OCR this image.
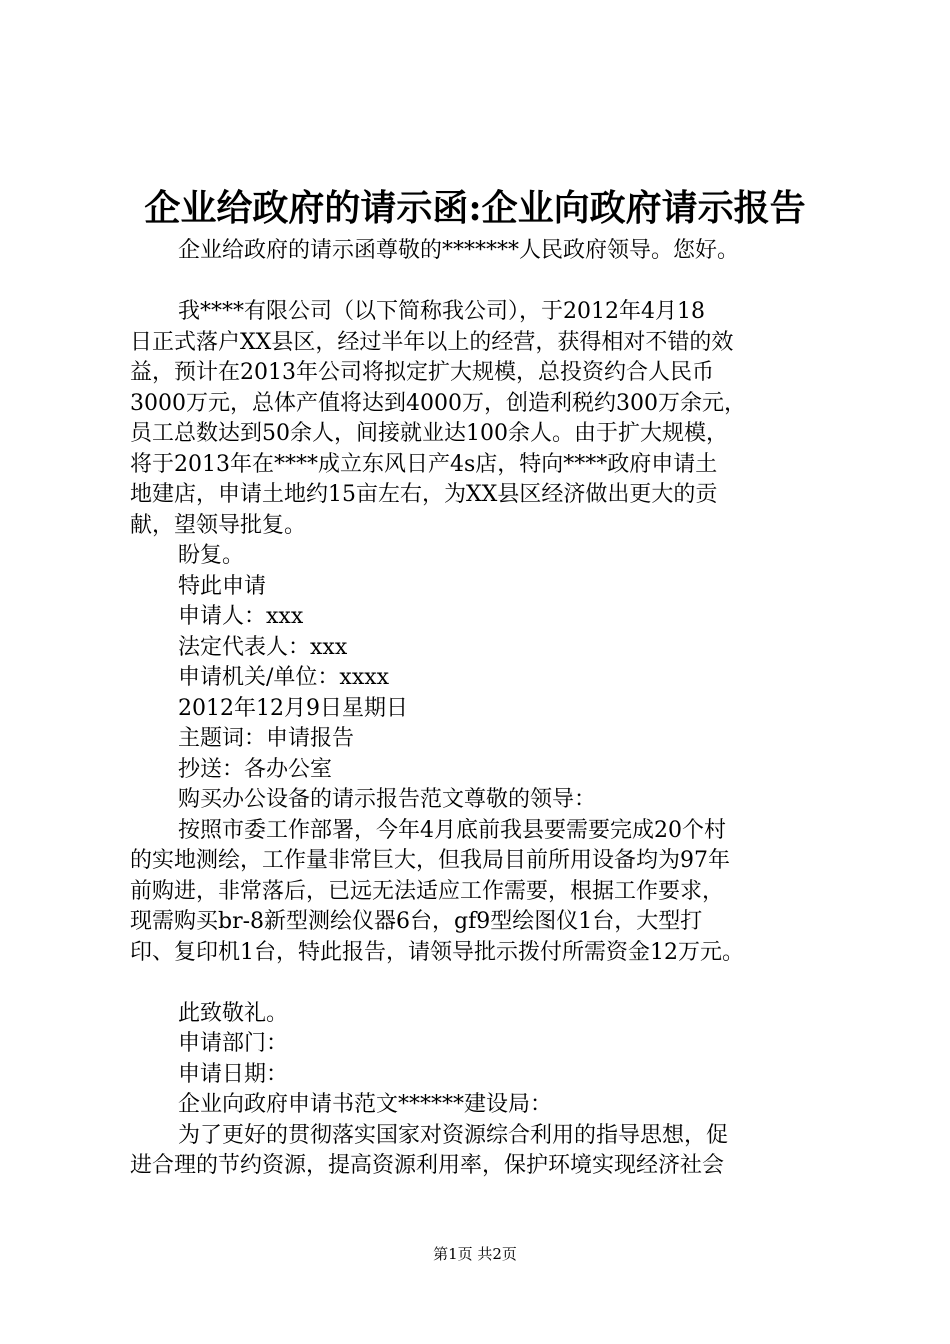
企业给政府的请示函:企业向政府请示报告
企业给政府的请示函尊敬的*******人民政府领导。您好。
我****有限公司（以下简称我公司），于2012年4月18
日正式落户XX县区，经过半年以上的经营，获得相对不错的效
益，预计在2013年公司将拟定扩大规模，总投资约合人民币
3000万元，总体产值将达到4000万，创造利税约300万余元，
员工总数达到50余人，间接就业达100余人。由于扩大规模，
将于2013年在****成立东风日产4s店，特向****政府申请土
地建店，申请土地约15亩左右，为XX县区经济做出更大的贡
献，望领导批复。
盼复。
特此申请
申请人：xxx
法定代表人：xxx
申请机关/单位：xxxx
2012年12月9日星期日
主题词：申请报告
抄送：各办公室
购买办公设备的请示报告范文尊敬的领导：
按照市委工作部署，今年4月底前我县要需要完成20个村
的实地测绘，工作量非常巨大，但我局目前所用设备均为97年
前购进，非常落后，已远无法适应工作需要，根据工作要求，
现需购买br-8新型测绘仪器6台，gf9型绘图仪1台，大型打
印、复印机1台，特此报告，请领导批示拨付所需资金12万元。
此致敬礼。
申请部门：
申请日期：
企业向政府申请书范文******建设局：
为了更好的贯彻落实国家对资源综合利用的指导思想，促
进合理的节约资源，提高资源利用率，保护环境实现经济社会
第1页 共2页
